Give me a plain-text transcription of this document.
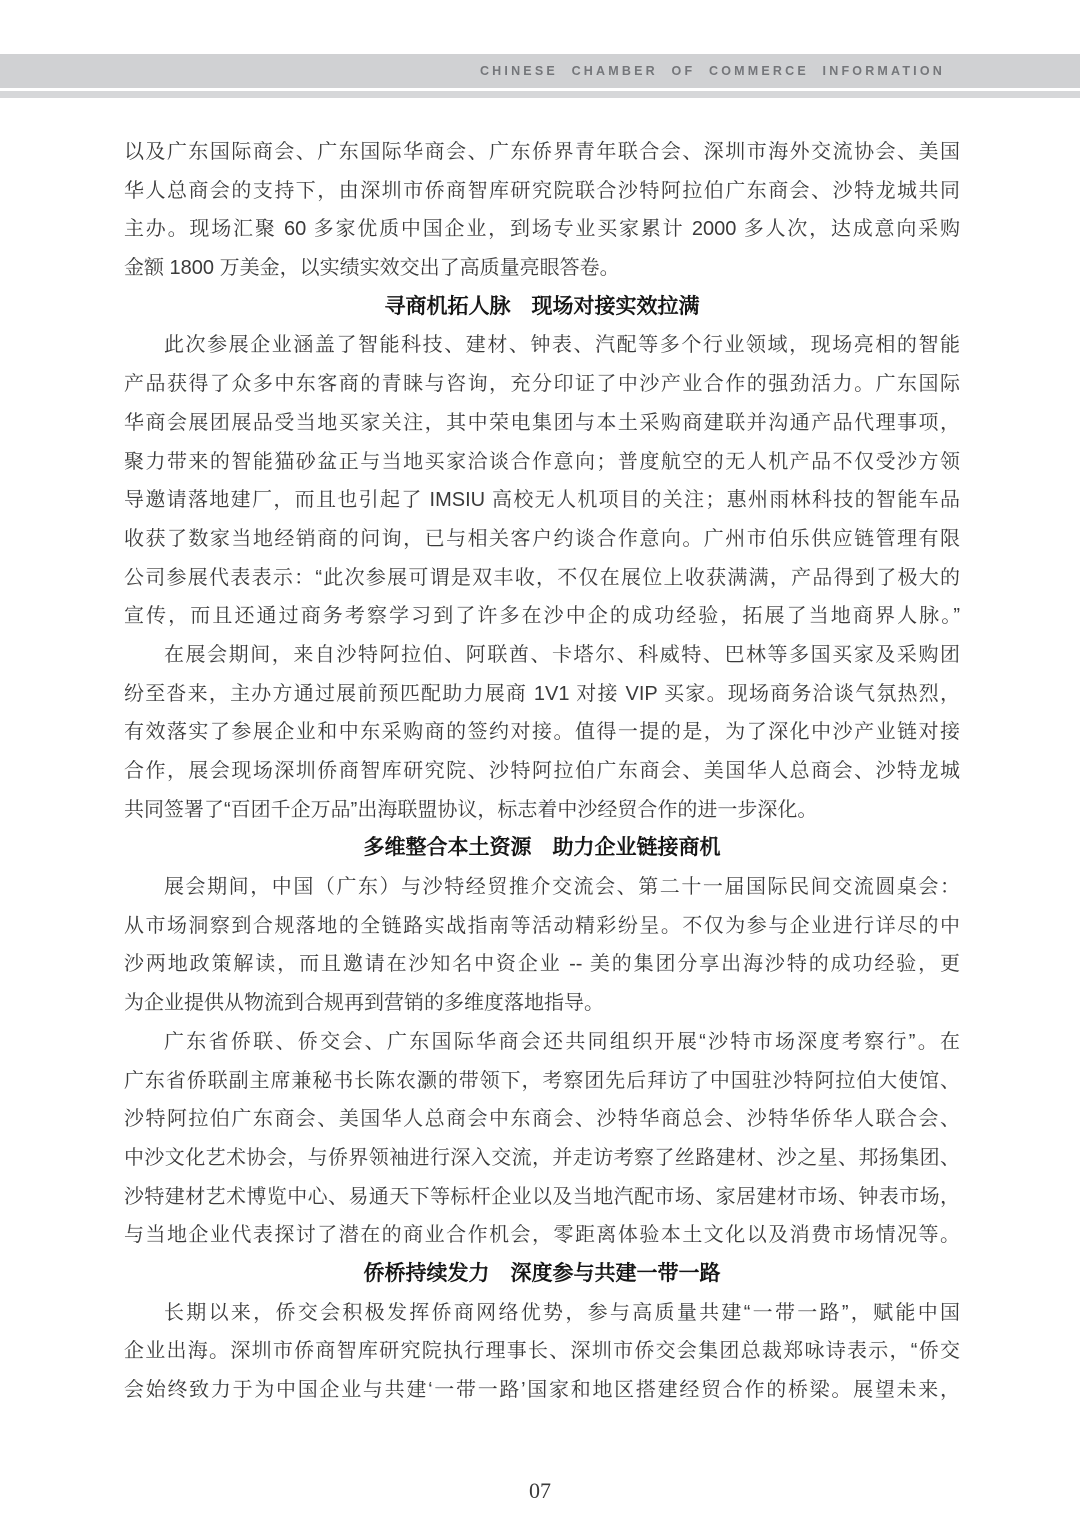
CHINESE CHAMBER OF COMMERCE INFORMATION
以及广东国际商会、广东国际华商会、广东侨界青年联合会、深圳市海外交流协会、美国
华人总商会的支持下，由深圳市侨商智库研究院联合沙特阿拉伯广东商会、沙特龙城共同
主办。现场汇聚 60 多家优质中国企业，到场专业买家累计 2000 多人次，达成意向采购
金额 1800 万美金，以实绩实效交出了高质量亮眼答卷。
寻商机拓人脉　现场对接实效拉满
此次参展企业涵盖了智能科技、建材、钟表、汽配等多个行业领域，现场亮相的智能
产品获得了众多中东客商的青睐与咨询，充分印证了中沙产业合作的强劲活力。广东国际
华商会展团展品受当地买家关注，其中荣电集团与本土采购商建联并沟通产品代理事项，
聚力带来的智能猫砂盆正与当地买家洽谈合作意向；普度航空的无人机产品不仅受沙方领
导邀请落地建厂，而且也引起了 IMSIU 高校无人机项目的关注；惠州雨林科技的智能车品
收获了数家当地经销商的问询，已与相关客户约谈合作意向。广州市伯乐供应链管理有限
公司参展代表表示：“此次参展可谓是双丰收，不仅在展位上收获满满，产品得到了极大的
宣传，而且还通过商务考察学习到了许多在沙中企的成功经验，拓展了当地商界人脉。”
在展会期间，来自沙特阿拉伯、阿联酋、卡塔尔、科威特、巴林等多国买家及采购团
纷至沓来，主办方通过展前预匹配助力展商 1V1 对接 VIP 买家。现场商务洽谈气氛热烈，
有效落实了参展企业和中东采购商的签约对接。值得一提的是，为了深化中沙产业链对接
合作，展会现场深圳侨商智库研究院、沙特阿拉伯广东商会、美国华人总商会、沙特龙城
共同签署了“百团千企万品”出海联盟协议，标志着中沙经贸合作的进一步深化。
多维整合本土资源　助力企业链接商机
展会期间，中国（广东）与沙特经贸推介交流会、第二十一届国际民间交流圆桌会：
从市场洞察到合规落地的全链路实战指南等活动精彩纷呈。不仅为参与企业进行详尽的中
沙两地政策解读，而且邀请在沙知名中资企业 -- 美的集团分享出海沙特的成功经验，更
为企业提供从物流到合规再到营销的多维度落地指导。
广东省侨联、侨交会、广东国际华商会还共同组织开展“沙特市场深度考察行”。在
广东省侨联副主席兼秘书长陈农灏的带领下，考察团先后拜访了中国驻沙特阿拉伯大使馆、
沙特阿拉伯广东商会、美国华人总商会中东商会、沙特华商总会、沙特华侨华人联合会、
中沙文化艺术协会，与侨界领袖进行深入交流，并走访考察了丝路建材、沙之星、邦扬集团、
沙特建材艺术博览中心、易通天下等标杆企业以及当地汽配市场、家居建材市场、钟表市场，
与当地企业代表探讨了潜在的商业合作机会，零距离体验本土文化以及消费市场情况等。
侨桥持续发力　深度参与共建一带一路
长期以来，侨交会积极发挥侨商网络优势，参与高质量共建“一带一路”，赋能中国
企业出海。深圳市侨商智库研究院执行理事长、深圳市侨交会集团总裁郑咏诗表示，“侨交
会始终致力于为中国企业与共建‘一带一路’国家和地区搭建经贸合作的桥梁。展望未来，
07
